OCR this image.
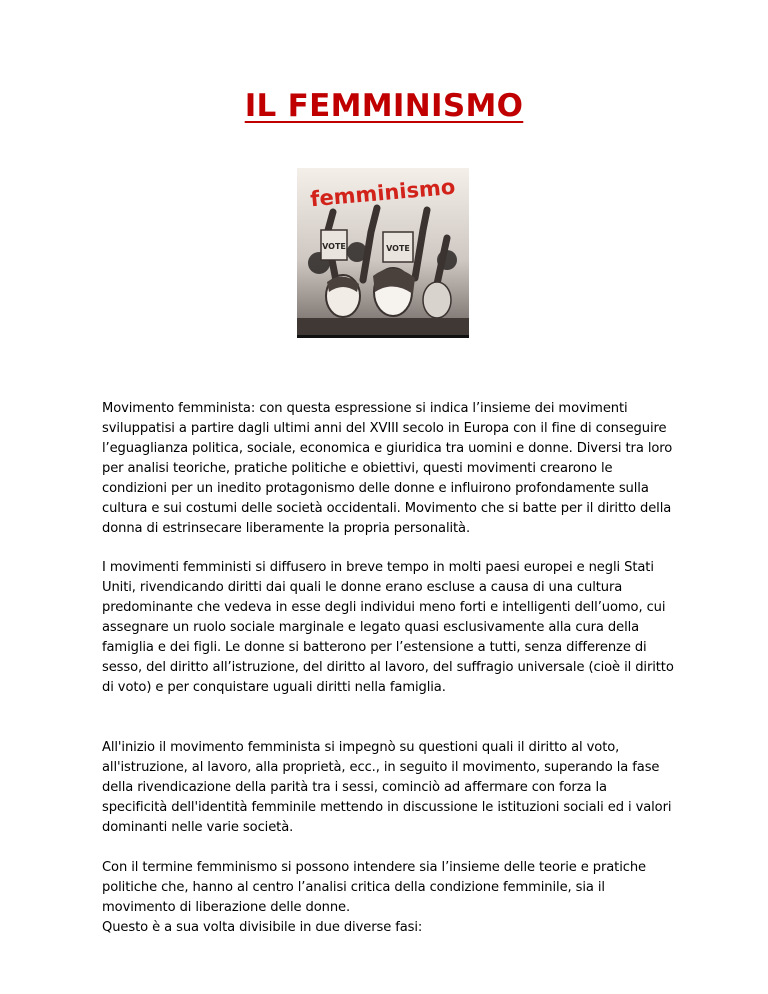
IL FEMMINISMO
VOTE	VOTE
femminismo

Movimento femminista: con questa espressione si indica l’insieme dei movimenti sviluppatisi a partire dagli ultimi anni del XVIII secolo in Europa con il fine di conseguire l’eguaglianza politica, sociale, economica e giuridica tra uomini e donne. Diversi tra loro per analisi teoriche, pratiche politiche e obiettivi, questi movimenti crearono le condizioni per un inedito protagonismo delle donne e influirono profondamente sulla cultura e sui costumi delle società occidentali. Movimento che si batte per il diritto della donna di estrinsecare liberamente la propria personalità.

I movimenti femministi si diffusero in breve tempo in molti paesi europei e negli Stati Uniti, rivendicando diritti dai quali le donne erano escluse a causa di una cultura predominante che vedeva in esse degli individui meno forti e intelligenti dell’uomo, cui assegnare un ruolo sociale marginale e legato quasi esclusivamente alla cura della famiglia e dei figli. Le donne si batterono per l’estensione a tutti, senza differenze di sesso, del diritto all’istruzione, del diritto al lavoro, del suffragio universale (cioè il diritto di voto) e per conquistare uguali diritti nella famiglia.

All'inizio il movimento femminista si impegnò su questioni quali il diritto al voto, all'istruzione, al lavoro, alla proprietà, ecc., in seguito il movimento, superando la fase della rivendicazione della parità tra i sessi, cominciò ad affermare con forza la specificità dell'identità femminile mettendo in discussione le istituzioni sociali ed i valori dominanti nelle varie società.

Con il termine femminismo si possono intendere sia l’insieme delle teorie e pratiche politiche che, hanno al centro l’analisi critica della condizione femminile, sia il movimento di liberazione delle donne.
Questo è a sua volta divisibile in due diverse fasi:
